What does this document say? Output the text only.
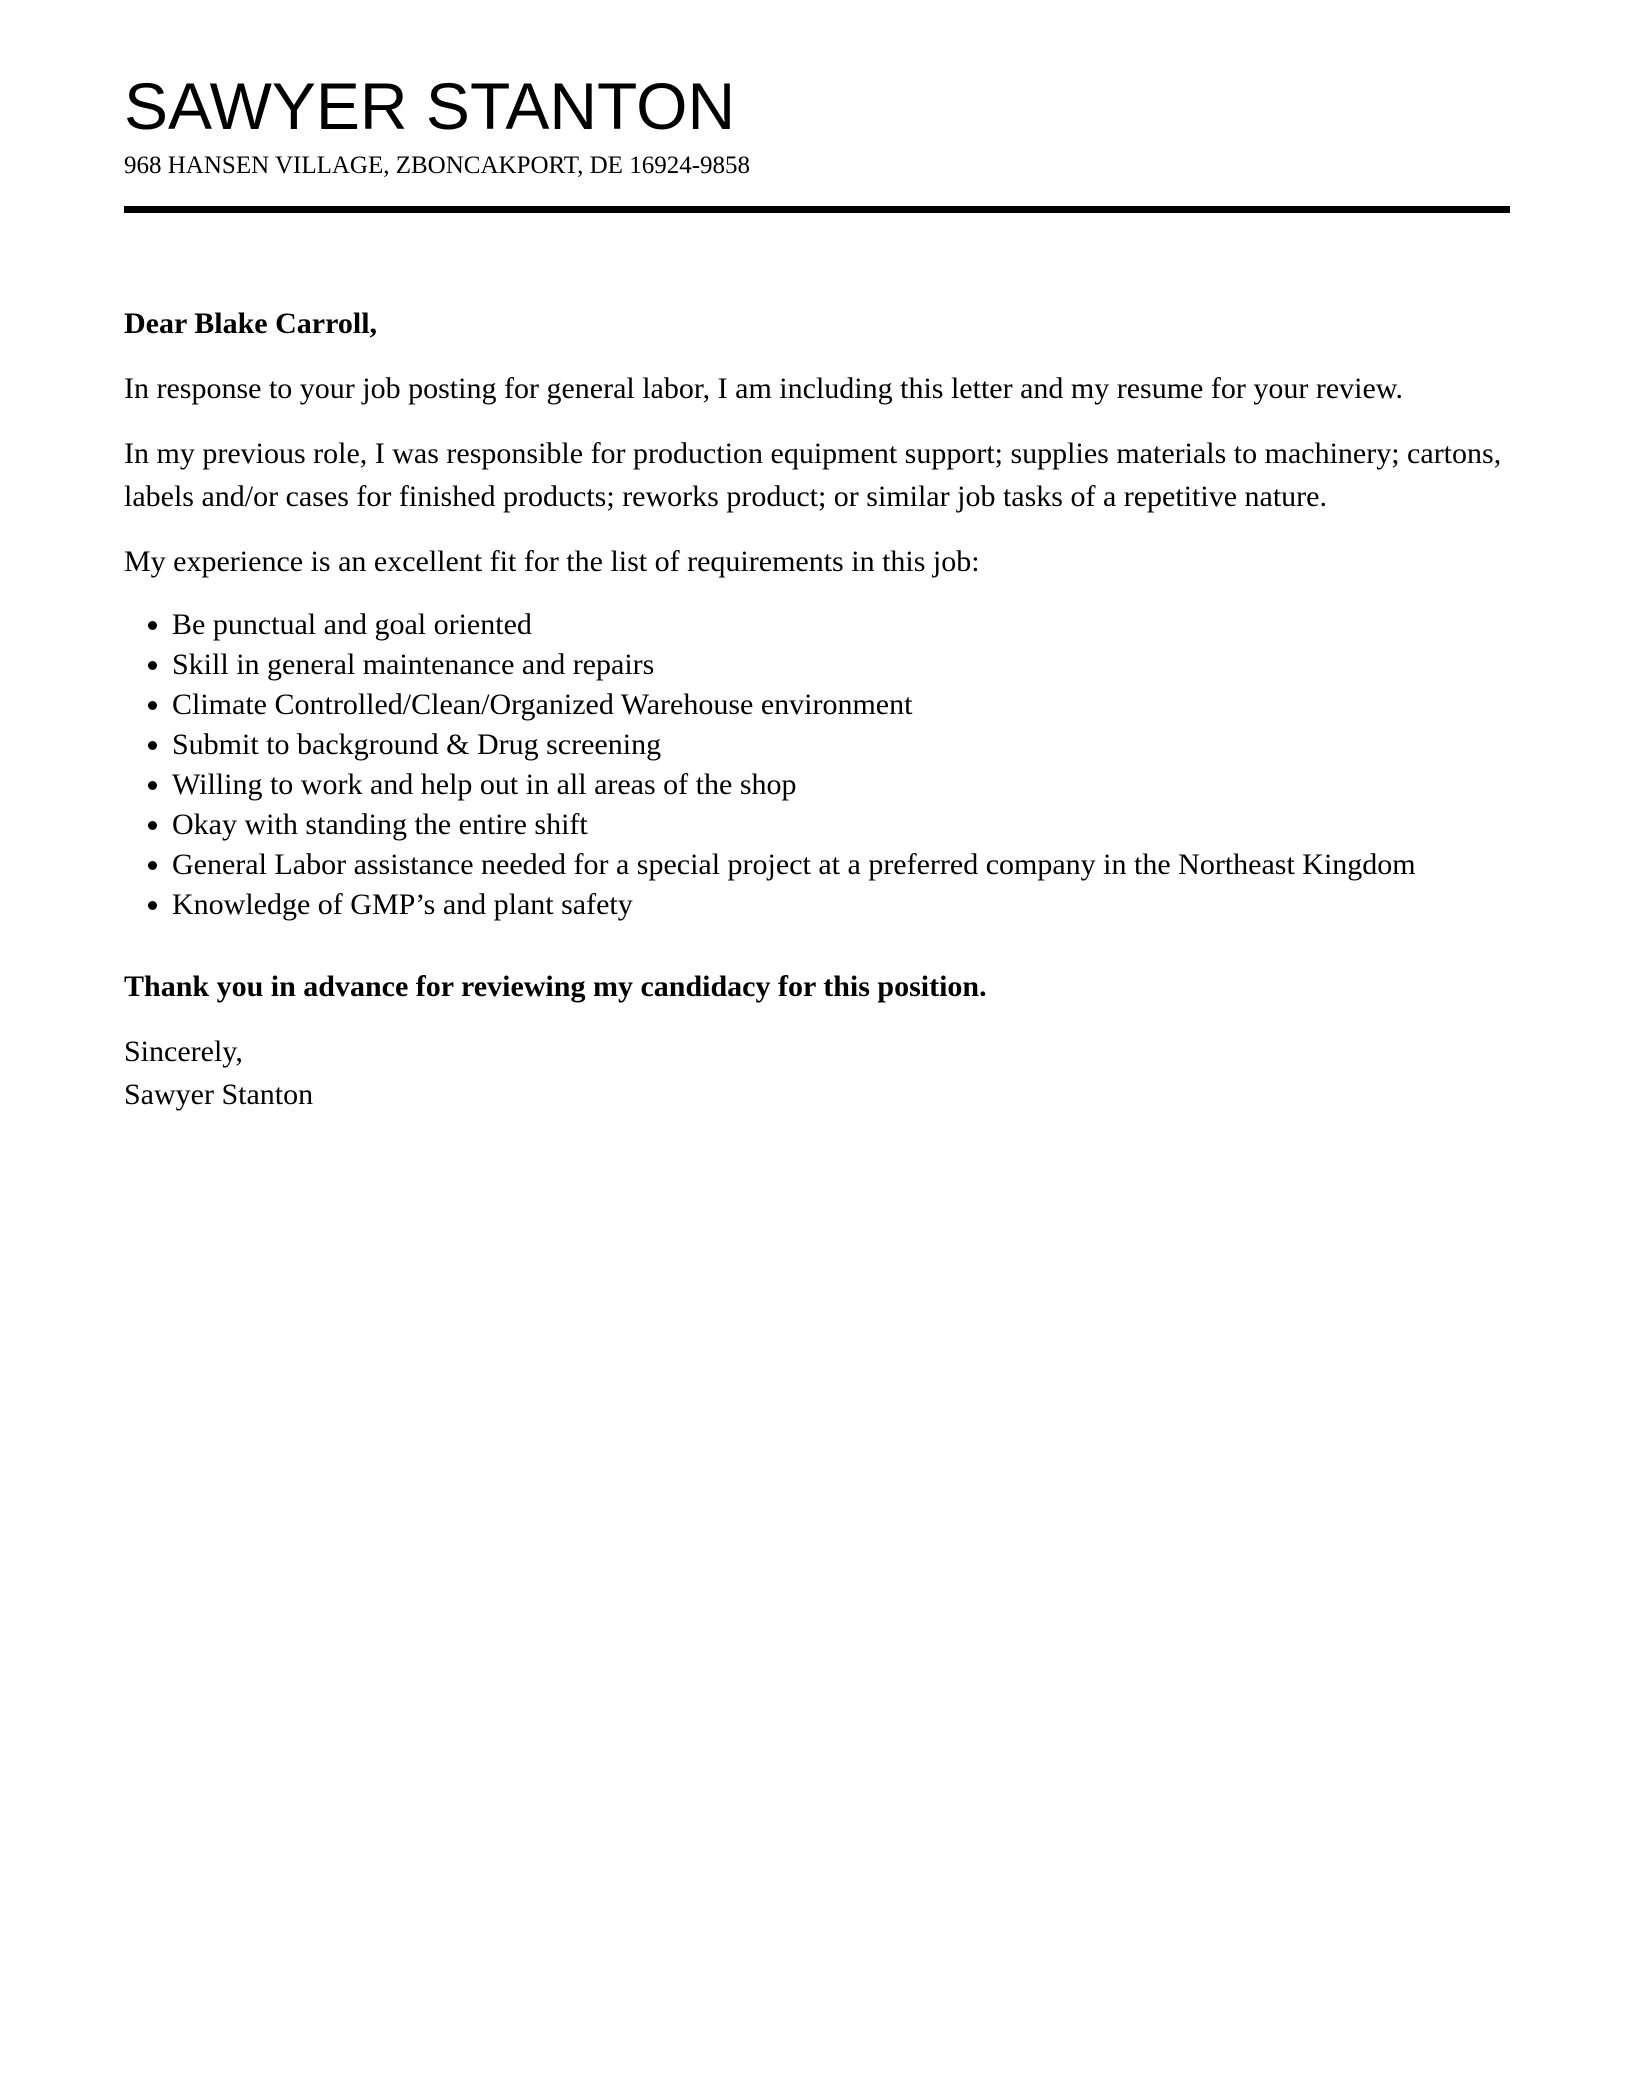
SAWYER STANTON
968 HANSEN VILLAGE, ZBONCAKPORT, DE 16924-9858

Dear Blake Carroll,

In response to your job posting for general labor, I am including this letter and my resume for your review.

In my previous role, I was responsible for production equipment support; supplies materials to machinery; cartons, labels and/or cases for finished products; reworks product; or similar job tasks of a repetitive nature.

My experience is an excellent fit for the list of requirements in this job:

• Be punctual and goal oriented
• Skill in general maintenance and repairs
• Climate Controlled/Clean/Organized Warehouse environment
• Submit to background & Drug screening
• Willing to work and help out in all areas of the shop
• Okay with standing the entire shift
• General Labor assistance needed for a special project at a preferred company in the Northeast Kingdom
• Knowledge of GMP’s and plant safety

Thank you in advance for reviewing my candidacy for this position.

Sincerely,

Sawyer Stanton
